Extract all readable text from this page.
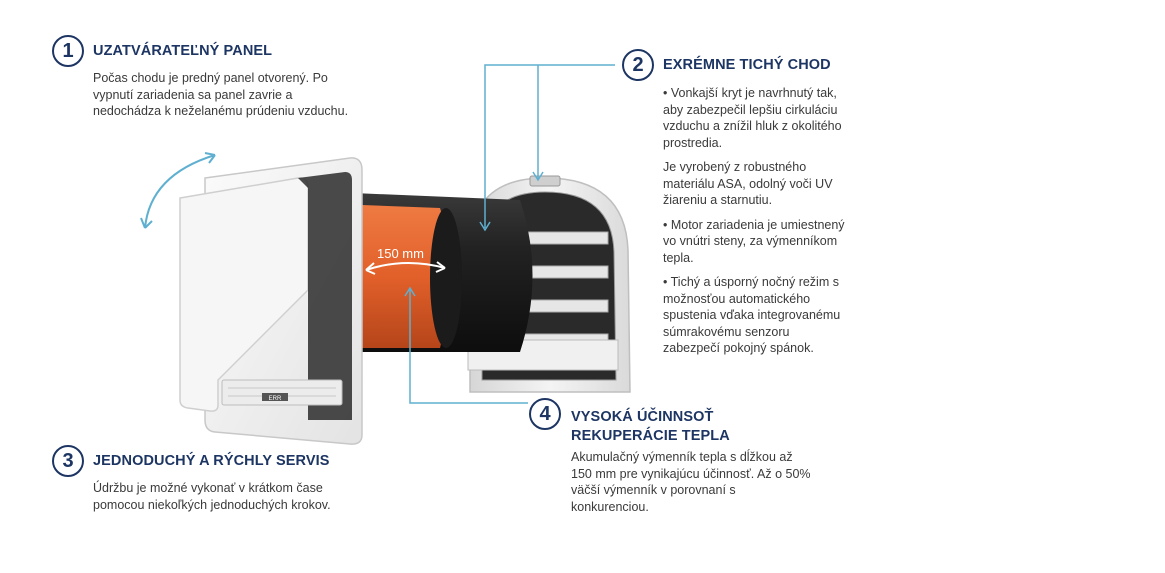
ERR
150 mm
1	UZATVÁRATEĽNÝ PANEL

Počas chodu je predný panel otvorený. Po vypnutí zariadenia sa panel zavrie a nedochádza k neželanému prúdeniu vzduchu.

2	EXRÉMNE TICHÝ CHOD

• Vonkajší kryt je navrhnutý tak, aby zabezpečil lepšiu cirkuláciu vzduchu a znížil hluk z okolitého prostredia.

Je vyrobený z robustného materiálu ASA, odolný voči UV žiareniu a starnutiu.

• Motor zariadenia je umiestnený vo vnútri steny, za výmenníkom tepla.

• Tichý a úsporný nočný režim s možnosťou automatického spustenia vďaka integrovanému súmrakovému senzoru zabezpečí pokojný spánok.

3	JEDNODUCHÝ A RÝCHLY SERVIS

Údržbu je možné vykonať v krátkom čase pomocou niekoľkých jednoduchých krokov.

4	VYSOKÁ ÚČINNSOŤ
REKUPERÁCIE TEPLA

Akumulačný výmenník tepla s dĺžkou až 150 mm pre vynikajúcu účinnosť. Až o 50% väčší výmenník v porovnaní s konkurenciou.
